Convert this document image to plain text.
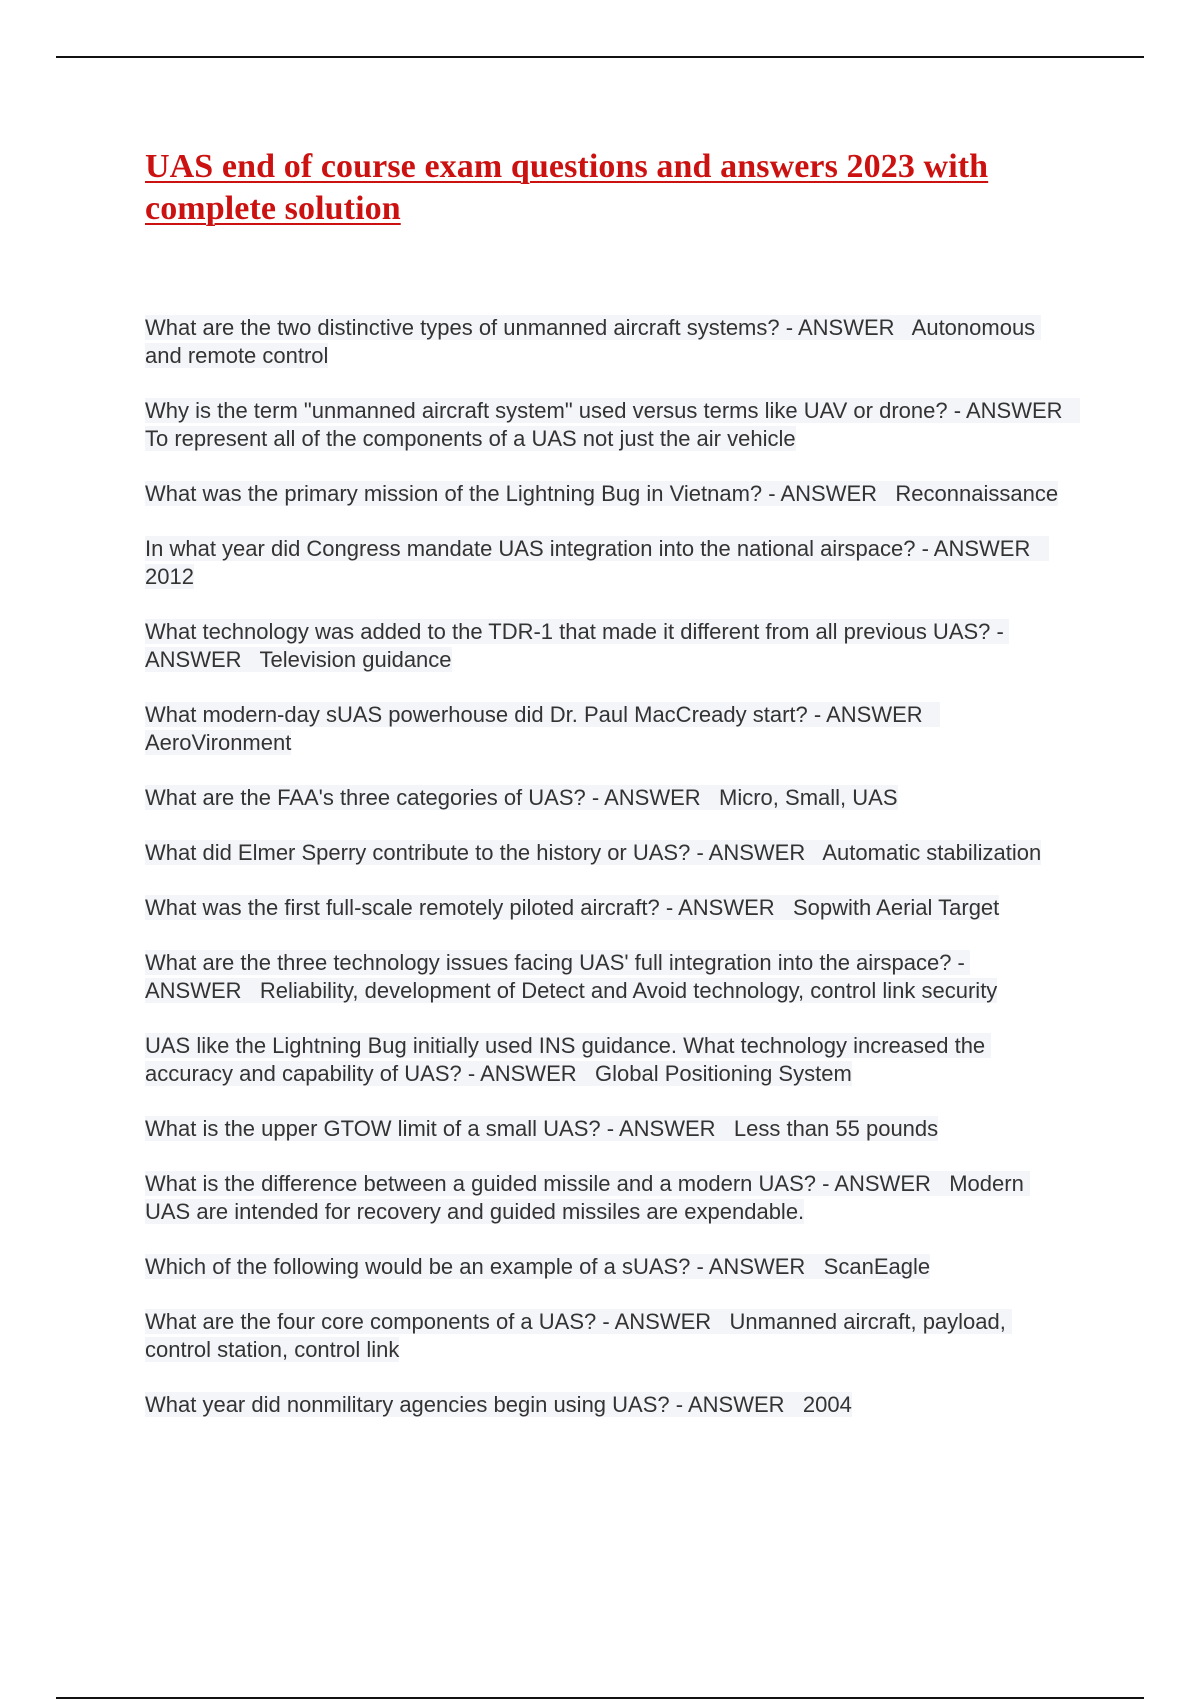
UAS end of course exam questions and answers 2023 with complete solution
What are the two distinctive types of unmanned aircraft systems? - ANSWER   Autonomous and remote control
Why is the term "unmanned aircraft system" used versus terms like UAV or drone? - ANSWER   To represent all of the components of a UAS not just the air vehicle
What was the primary mission of the Lightning Bug in Vietnam? - ANSWER   Reconnaissance
In what year did Congress mandate UAS integration into the national airspace? - ANSWER   2012
What technology was added to the TDR-1 that made it different from all previous UAS? - ANSWER   Television guidance
What modern-day sUAS powerhouse did Dr. Paul MacCready start? - ANSWER   AeroVironment
What are the FAA's three categories of UAS? - ANSWER   Micro, Small, UAS
What did Elmer Sperry contribute to the history or UAS? - ANSWER   Automatic stabilization
What was the first full-scale remotely piloted aircraft? - ANSWER   Sopwith Aerial Target
What are the three technology issues facing UAS' full integration into the airspace? - ANSWER   Reliability, development of Detect and Avoid technology, control link security
UAS like the Lightning Bug initially used INS guidance. What technology increased the accuracy and capability of UAS? - ANSWER   Global Positioning System
What is the upper GTOW limit of a small UAS? - ANSWER   Less than 55 pounds
What is the difference between a guided missile and a modern UAS? - ANSWER   Modern UAS are intended for recovery and guided missiles are expendable.
Which of the following would be an example of a sUAS? - ANSWER   ScanEagle
What are the four core components of a UAS? - ANSWER   Unmanned aircraft, payload, control station, control link
What year did nonmilitary agencies begin using UAS? - ANSWER   2004
